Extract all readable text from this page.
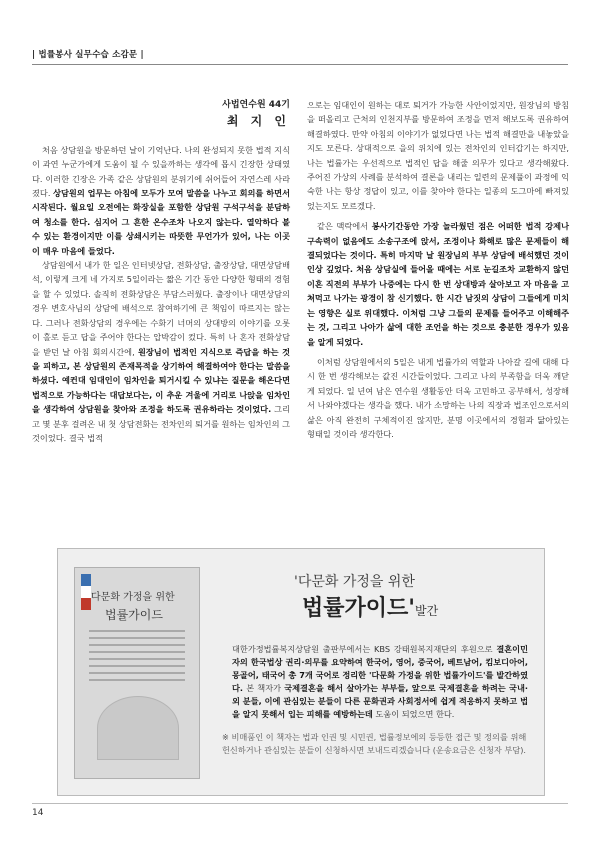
| 법률봉사 실무수습 소감문 |
사법연수원 44기
최 지 인

처음 상담원을 방문하던 날이 기억난다. 나의 완성되지 못한 법적 지식이 과연 누군가에게 도움이 될 수 있을까하는 생각에 몹시 긴장한 상태였다. 이러한 긴장은 가족 같은 상담원의 분위기에 쉬어들어 자연스레 사라졌다. 상담원의 업무는 아침에 모두가 모여 말씀을 나누고 회의를 하면서 시작된다. 월요일 오전에는 화장실을 포함한 상담원 구석구석을 분담하여 청소를 한다. 심지어 그 흔한 온수조차 나오지 않는다. 열악하다 볼 수 있는 환경이지만 이를 상쇄시키는 따뜻한 무언가가 있어, 나는 이곳이 매우 마음에 들었다.

상담원에서 내가 한 일은 인터넷상담, 전화상담, 출장상담, 대면상담배석, 이렇게 크게 네 가지로 5일이라는 짧은 기간 동안 다양한 형태의 경험을 할 수 있었다. 솔직히 전화상담은 부담스러웠다. 출장이나 대면상담의 경우 변호사님의 상담에 배석으로 참여하기에 큰 책임이 따르지는 않는다. 그러나 전화상담의 경우에는 수화기 너머의 상대방의 이야기를 오롯이 홀로 듣고 답을 주어야 한다는 압박감이 컸다. 특히 나 혼자 전화상담을 받던 날 아침 회의시간에, 원장님이 법적인 지식으로 즉답을 하는 것을 피하고, 본 상담원의 존재목적을 상기하여 해결하여야 한다는 말씀을 하셨다. 예컨대 임대인이 임차인을 퇴거시킬 수 있냐는 질문을 해온다면 법적으로 가능하다는 대답보다는, 이 추운 겨울에 거리로 나앉을 임차인을 생각하여 상담원을 찾아와 조정을 하도록 권유하라는 것이었다. 그리고 몇 분후 걸려온 내 첫 상담전화는 전차인의 퇴거를 원하는 임차인의 그것이었다. 결국 법적

으로는 임대인이 원하는 대로 퇴거가 가능한 사안이었지만, 원장님의 방침을 떠올리고 근처의 인천지부를 방문하여 조정을 먼저 해보도록 권유하여 해결하였다. 만약 아침의 이야기가 없었다면 나는 법적 해결만을 내놓았을지도 모른다. 상대적으로 을의 위치에 있는 전차인의 인터갑기는 하지만, 나는 법률가는 우선적으로 법적인 답을 해줄 의무가 있다고 생각해왔다. 주어진 가상의 사례를 분석하여 결론을 내리는 일련의 문제풀이 과정에 익숙한 나는 항상 정답이 있고, 이를 찾아야 한다는 일종의 도그마에 빠져있었는지도 모르겠다.

같은 맥락에서 봉사기간동안 가장 놀라웠던 점은 어떠한 법적 강제나 구속력이 없음에도 소송구조에 앉서, 조정이나 화해로 많은 문제들이 해결되었다는 것이다. 특히 마지막 날 원장님의 부부 상담에 배석했던 것이 인상 깊었다. 처음 상담실에 들어올 때에는 서로 눈길조차 교환하지 않던 이혼 직전의 부부가 나중에는 다시 한 번 상대방과 살아보고 자 마음을 고쳐먹고 나가는 광경이 참 신기했다. 한 시간 남짓의 상담이 그들에게 미치는 영향은 실로 위대했다. 이처럼 그냥 그들의 문제를 들어주고 이해해주는 것, 그리고 나아가 삶에 대한 조언을 하는 것으로 충분한 경우가 있음을 알게 되었다.

이처럼 상담원에서의 5일은 내게 법률가의 역할과 나아갈 길에 대해 다시 한 번 생각해보는 값진 시간들이었다. 그리고 나의 부족함을 더욱 깨닫게 되었다. 일 년여 남은 연수원 생활동안 더욱 고민하고 공부해서, 성장해서 나와야겠다는 생각을 했다. 내가 소망하는 나의 직장과 법조인으로서의 삶은 아직 완전히 구체적이진 않지만, 분명 이곳에서의 경험과 닮아있는 형태일 것이라 생각한다.

다문화 가정을 위한
법률가이드
'다문화 가정을 위한
법률가이드'발간
대한가정법률복지상담원 출판부에서는 KBS 강태원복지재단의 후원으로 결혼이민자의 한국법상 권리·의무를 요약하여 한국어, 영어, 중국어, 베트남어, 킴보디아어, 몽골어, 태국어 총 7개 국어로 정리한 '다문화 가정을 위한 법률가이드'를 발간하였다. 본 책자가 국제결혼을 해서 살아가는 부부들, 앞으로 국제결혼을 하려는 국내·외 분들, 이에 관심있는 분들이 다른 문화권과 사회정서에 쉽게 적응하지 못하고 법을 알지 못해서 입는 피해를 예방하는데 도움이 되었으면 한다.
※ 비매품인 이 책자는 법과 인권 및 시민권, 법률정보에의 등등한 접근 및 정의를 위해 헌신하거나 관심있는 분들이 신청하시면 보내드리겠습니다 (운송요금은 신청자 부담).
14
